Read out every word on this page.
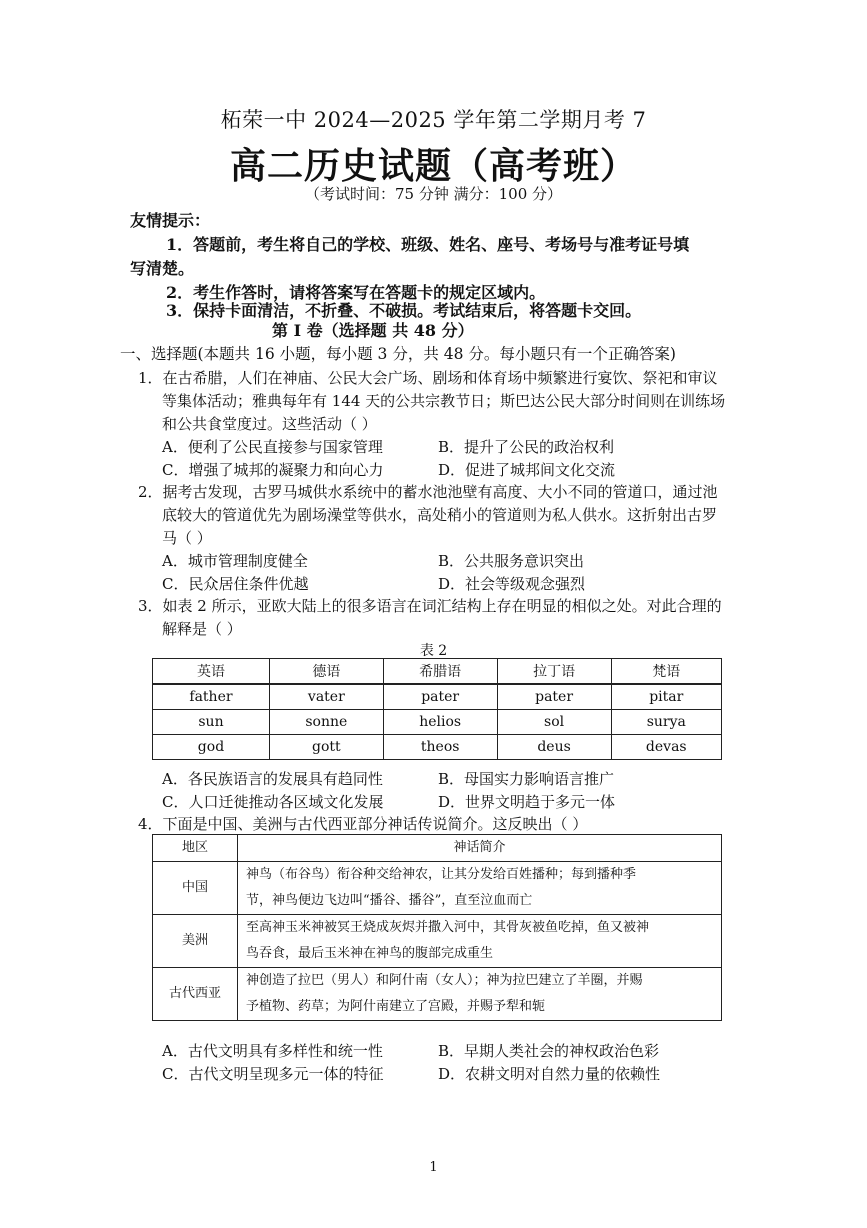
柘荣一中 2024—2025 学年第二学期月考 7
高二历史试题（高考班）
（考试时间：75 分钟 满分：100 分）
友情提示：
1．答题前，考生将自己的学校、班级、姓名、座号、考场号与准考证号填
写清楚。
2．考生作答时，请将答案写在答题卡的规定区域内。
3．保持卡面清洁，不折叠、不破损。考试结束后，将答题卡交回。
第 I 卷（选择题 共 48 分）
一、选择题(本题共 16 小题，每小题 3 分，共 48 分。每小题只有一个正确答案)
1．在古希腊，人们在神庙、公民大会广场、剧场和体育场中频繁进行宴饮、祭祀和审议
等集体活动；雅典每年有 144 天的公共宗教节日；斯巴达公民大部分时间则在训练场
和公共食堂度过。这些活动（ ）
A．便利了公民直接参与国家管理	B．提升了公民的政治权利
C．增强了城邦的凝聚力和向心力	D．促进了城邦间文化交流
2．据考古发现，古罗马城供水系统中的蓄水池池壁有高度、大小不同的管道口，通过池
底较大的管道优先为剧场澡堂等供水，高处稍小的管道则为私人供水。这折射出古罗
马（ ）
A．城市管理制度健全	B．公共服务意识突出
C．民众居住条件优越	D．社会等级观念强烈
3．如表 2 所示，亚欧大陆上的很多语言在词汇结构上存在明显的相似之处。对此合理的
解释是（ ）
表 2
英语	德语	希腊语	拉丁语	梵语
father	vater	pater	pater	pitar
sun	sonne	helios	sol	surya
god	gott	theos	deus	devas
A．各民族语言的发展具有趋同性	B．母国实力影响语言推广
C．人口迁徙推动各区域文化发展	D．世界文明趋于多元一体
4．下面是中国、美洲与古代西亚部分神话传说简介。这反映出（ ）
地区	神话简介
中国	神鸟（布谷鸟）衔谷种交给神农，让其分发给百姓播种；每到播种季
节，神鸟便边飞边叫“播谷、播谷”，直至泣血而亡

美洲	至高神玉米神被冥王烧成灰烬并撒入河中，其骨灰被鱼吃掉，鱼又被神
鸟吞食，最后玉米神在神鸟的腹部完成重生

古代西亚	神创造了拉巴（男人）和阿什南（女人）；神为拉巴建立了羊圈，并赐
予植物、药草；为阿什南建立了宫殿，并赐予犁和轭
A．古代文明具有多样性和统一性	B．早期人类社会的神权政治色彩
C．古代文明呈现多元一体的特征	D．农耕文明对自然力量的依赖性
1
